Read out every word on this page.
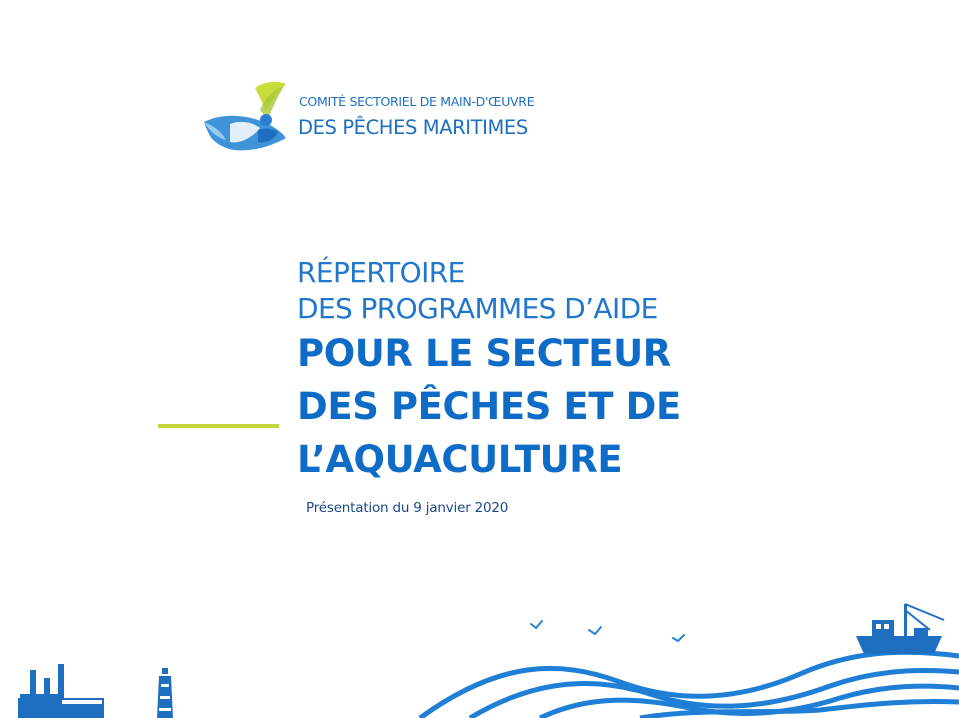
COMITÉ SECTORIEL DE MAIN-D'ŒUVRE
DES PÊCHES MARITIMES
RÉPERTOIRE
DES PROGRAMMES D’AIDE
POUR LE SECTEUR
DES PÊCHES ET DE
L’AQUACULTURE
Présentation du 9 janvier 2020
